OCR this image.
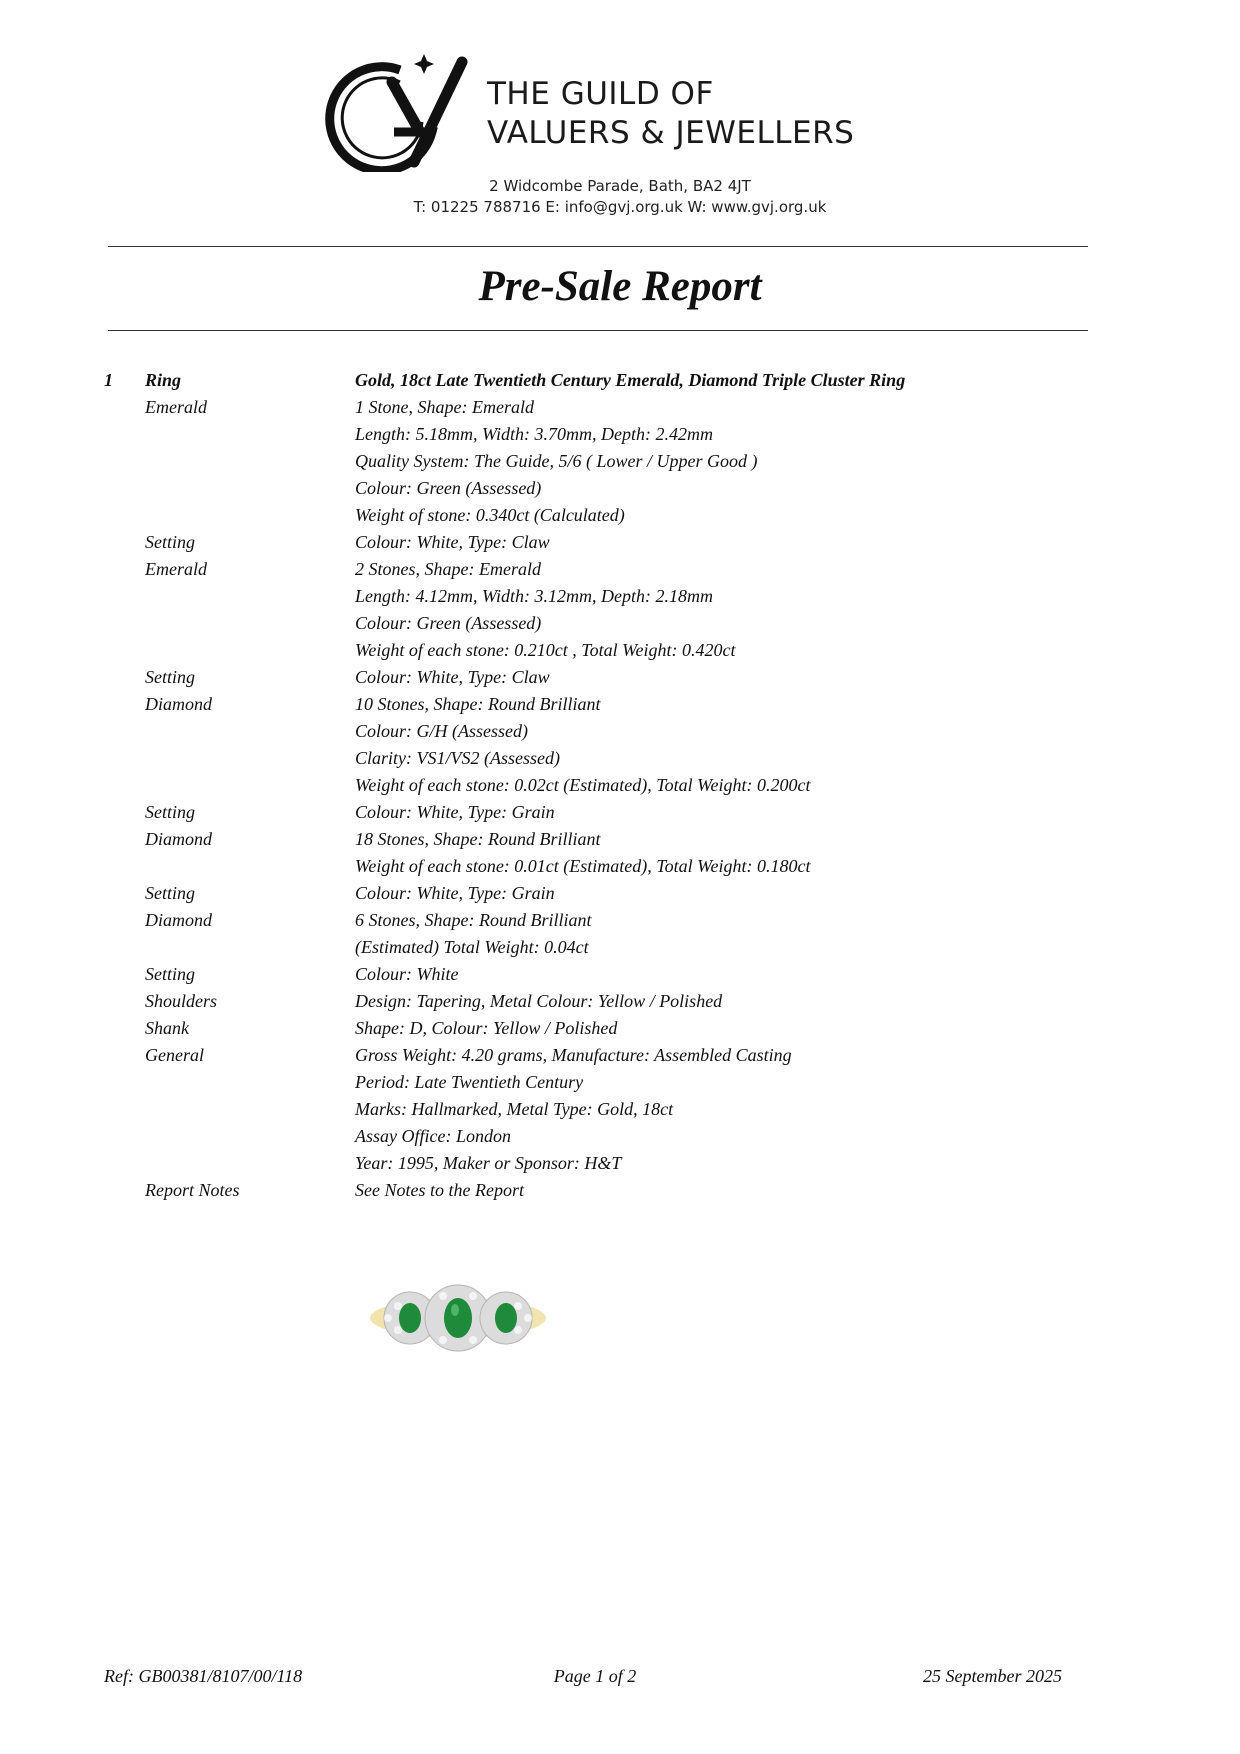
THE GUILD OF
VALUERS & JEWELLERS
2 Widcombe Parade, Bath, BA2 4JT
T: 01225 788716 E: info@gvj.org.uk W: www.gvj.org.uk
Pre-Sale Report
1 Ring	Gold, 18ct Late Twentieth Century Emerald, Diamond Triple Cluster Ring
Emerald	1 Stone, Shape: Emerald
Length: 5.18mm, Width: 3.70mm, Depth: 2.42mm
Quality System: The Guide, 5/6 ( Lower / Upper Good )
Colour: Green (Assessed)
Weight of stone: 0.340ct (Calculated)
Setting	Colour: White, Type: Claw
Emerald	2 Stones, Shape: Emerald
Length: 4.12mm, Width: 3.12mm, Depth: 2.18mm
Colour: Green (Assessed)
Weight of each stone: 0.210ct , Total Weight: 0.420ct
Setting	Colour: White, Type: Claw
Diamond	10 Stones, Shape: Round Brilliant
Colour: G/H (Assessed)
Clarity: VS1/VS2 (Assessed)
Weight of each stone: 0.02ct (Estimated), Total Weight: 0.200ct
Setting	Colour: White, Type: Grain
Diamond	18 Stones, Shape: Round Brilliant
Weight of each stone: 0.01ct (Estimated), Total Weight: 0.180ct
Setting	Colour: White, Type: Grain
Diamond	6 Stones, Shape: Round Brilliant
(Estimated) Total Weight: 0.04ct
Setting	Colour: White
Shoulders	Design: Tapering, Metal Colour: Yellow / Polished
Shank	Shape: D, Colour: Yellow / Polished
General	Gross Weight: 4.20 grams, Manufacture: Assembled Casting
Period: Late Twentieth Century
Marks: Hallmarked, Metal Type: Gold, 18ct
Assay Office: London
Year: 1995, Maker or Sponsor: H&T
Report Notes	See Notes to the Report
Ref: GB00381/8107/00/118	Page 1 of 2	25 September 2025
